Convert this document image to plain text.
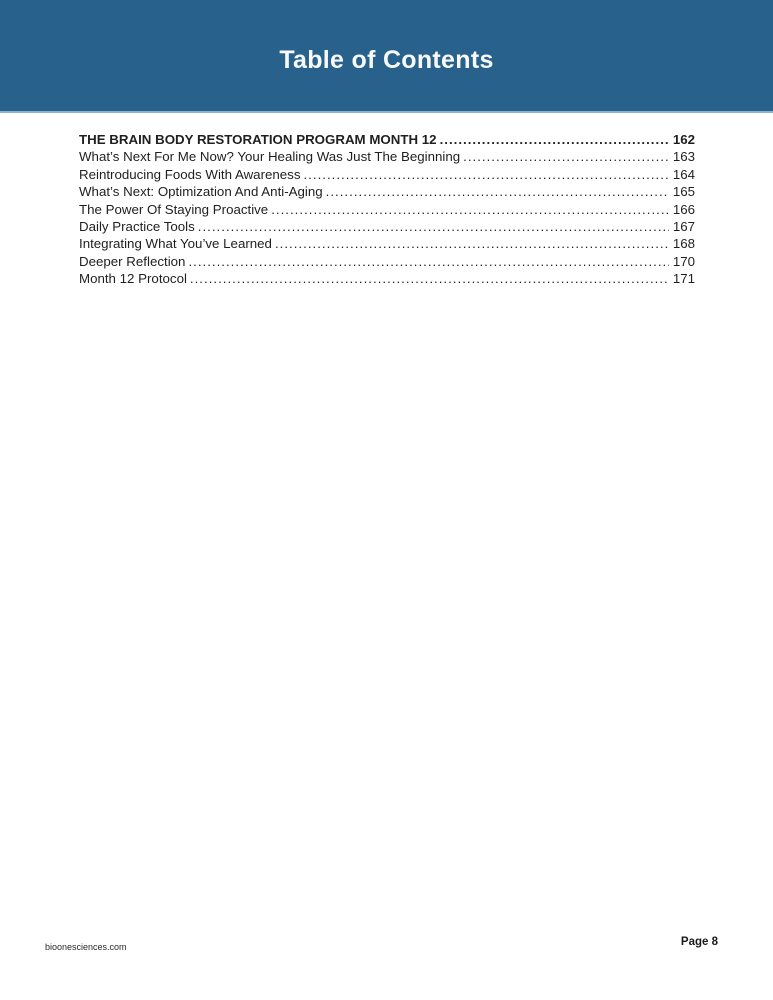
Table of Contents
THE BRAIN BODY RESTORATION PROGRAM MONTH 12 .....	162
What’s Next For Me Now? Your Healing Was Just The Beginning .....	163
Reintroducing Foods With Awareness .....	164
What’s Next: Optimization And Anti-Aging .....	165
The Power Of Staying Proactive .....	166
Daily Practice Tools .....	167
Integrating What You’ve Learned .....	168
Deeper Reflection .....	170
Month 12 Protocol .....	171
bioonesciences.com	Page 8
